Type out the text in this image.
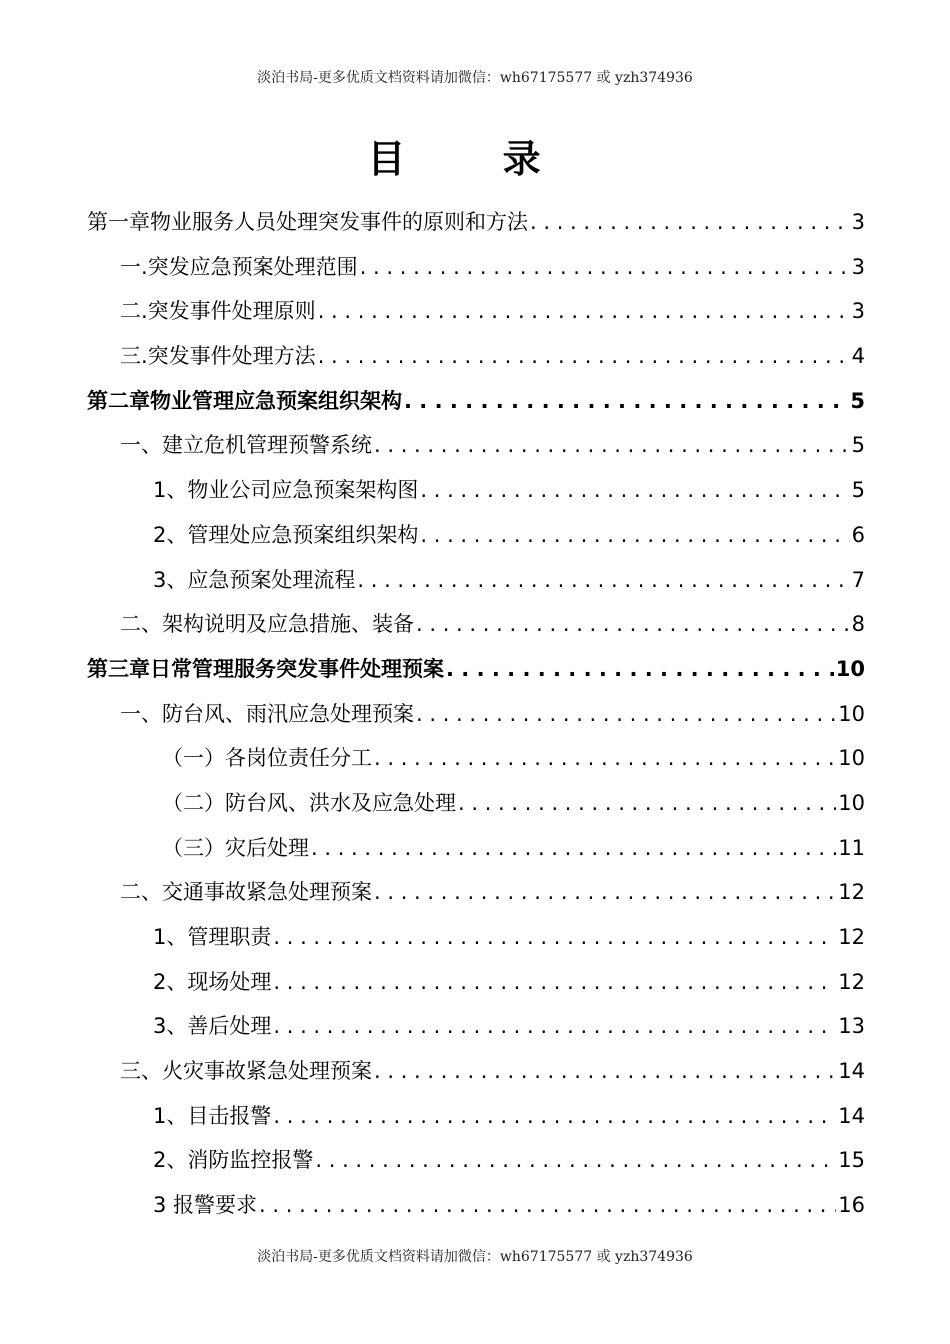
淡泊书局-更多优质文档资料请加微信：wh67175577 或 yzh374936
目 录
第一章物业服务人员处理突发事件的原则和方法 . . .	3
一.突发应急预案处理范围 . . .	3
二.突发事件处理原则 . . .	3
三.突发事件处理方法 . . .	4
第二章物业管理应急预案组织架构 . . .	5
一、建立危机管理预警系统 . . .	5
1、物业公司应急预案架构图 . . .	5
2、管理处应急预案组织架构 . . .	6
3、应急预案处理流程 . . .	7
二、架构说明及应急措施、装备 . . .	8
第三章日常管理服务突发事件处理预案 . . .	10
一、防台风、雨汛应急处理预案 . . .	10
（一）各岗位责任分工 . . .	10
（二）防台风、洪水及应急处理 . . .	10
（三）灾后处理 . . .	11
二、交通事故紧急处理预案 . . .	12
1、管理职责 . . .	12
2、现场处理 . . .	12
3、善后处理 . . .	13
三、火灾事故紧急处理预案 . . .	14
1、目击报警 . . .	14
2、消防监控报警 . . .	15
3 报警要求 . . .	16
淡泊书局-更多优质文档资料请加微信：wh67175577 或 yzh374936
